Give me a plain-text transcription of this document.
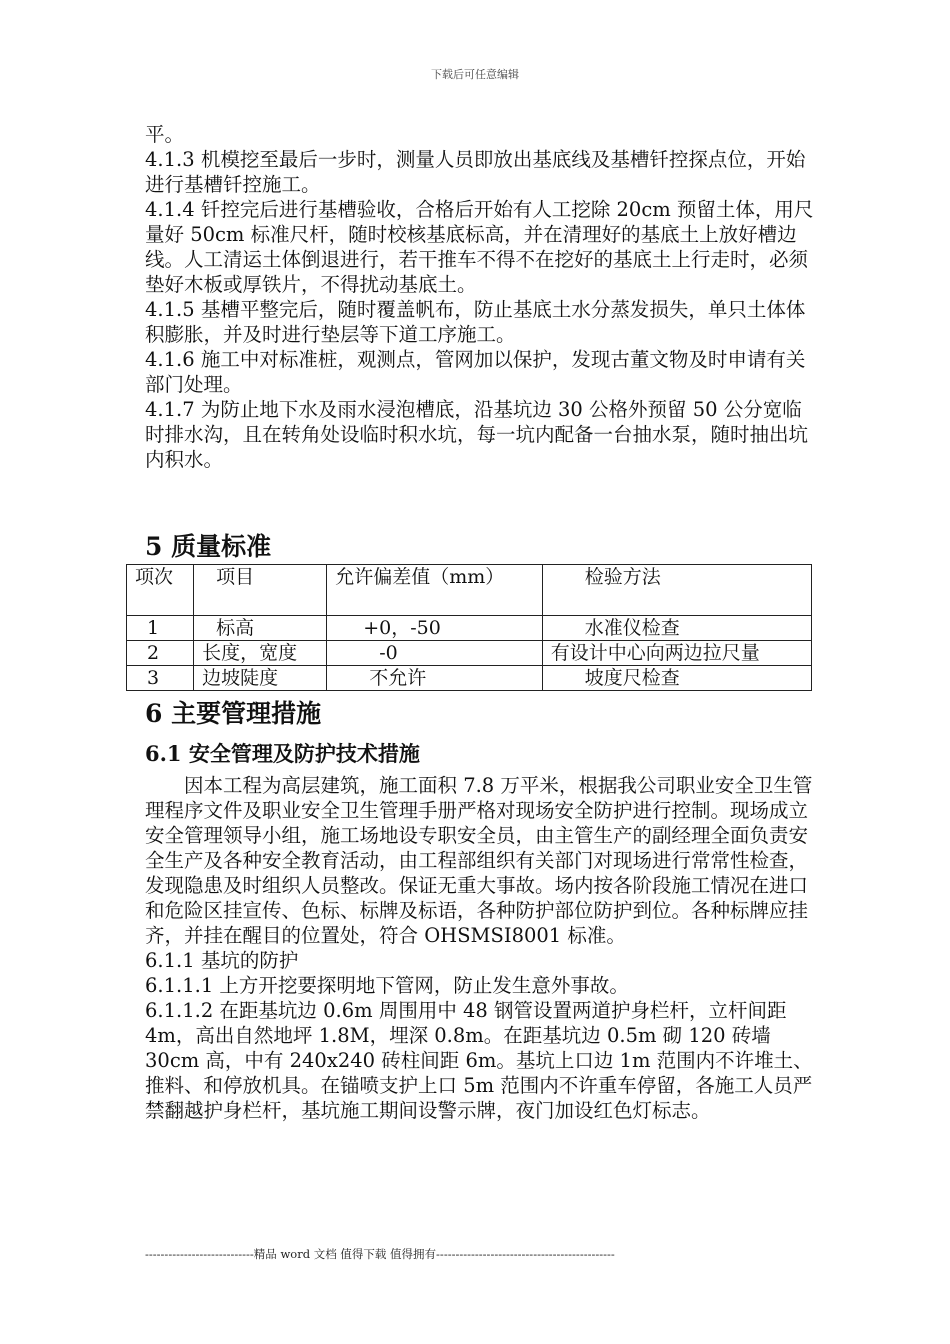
下载后可任意编辑

平。

4.1.3 机模挖至最后一步时，测量人员即放出基底线及基槽钎控探点位，开始进行基槽钎控施工。

4.1.4 钎控完后进行基槽验收，合格后开始有人工挖除 20cm 预留土体，用尺量好 50cm 标准尺杆，随时校核基底标高，并在清理好的基底土上放好槽边线。人工清运土体倒退进行，若干推车不得不在挖好的基底土上行走时，必须垫好木板或厚铁片，不得扰动基底土。

4.1.5 基槽平整完后，随时覆盖帆布，防止基底土水分蒸发损失，单只土体体积膨胀，并及时进行垫层等下道工序施工。

4.1.6 施工中对标准桩，观测点，管网加以保护，发现古董文物及时申请有关部门处理。

4.1.7 为防止地下水及雨水浸泡槽底，沿基坑边 30 公格外预留 50 公分宽临时排水沟，且在转角处设临时积水坑，每一坑内配备一台抽水泵，随时抽出坑内积水。

5 质量标准
项次	项目	允许偏差值（mm）	检验方法
1	标高	+0，-50	水准仪检查
2	长度，宽度	-0	有设计中心向两边拉尺量
3	边坡陡度	不允许	坡度尺检查
6 主要管理措施
6.1 安全管理及防护技术措施

因本工程为高层建筑，施工面积 7.8 万平米，根据我公司职业安全卫生管理程序文件及职业安全卫生管理手册严格对现场安全防护进行控制。现场成立安全管理领导小组，施工场地设专职安全员，由主管生产的副经理全面负责安全生产及各种安全教育活动，由工程部组织有关部门对现场进行常常性检查，发现隐患及时组织人员整改。保证无重大事故。场内按各阶段施工情况在进口和危险区挂宣传、色标、标牌及标语，各种防护部位防护到位。各种标牌应挂齐，并挂在醒目的位置处，符合 OHSMSI8001 标准。

6.1.1 基坑的防护

6.1.1.1 上方开挖要探明地下管网，防止发生意外事故。

6.1.1.2 在距基坑边 0.6m 周围用中 48 钢管设置两道护身栏杆，立杆间距 4m，高出自然地坪 1.8M，埋深 0.8m。在距基坑边 0.5m 砌 120 砖墙 30cm 高，中有 240x240 砖柱间距 6m。基坑上口边 1m 范围内不许堆土、推料、和停放机具。在锚喷支护上口 5m 范围内不许重车停留，各施工人员严禁翻越护身栏杆，基坑施工期间设警示牌，夜门加设红色灯标志。

----------------------------精品 word 文档 值得下载 值得拥有----------------------------------------------
